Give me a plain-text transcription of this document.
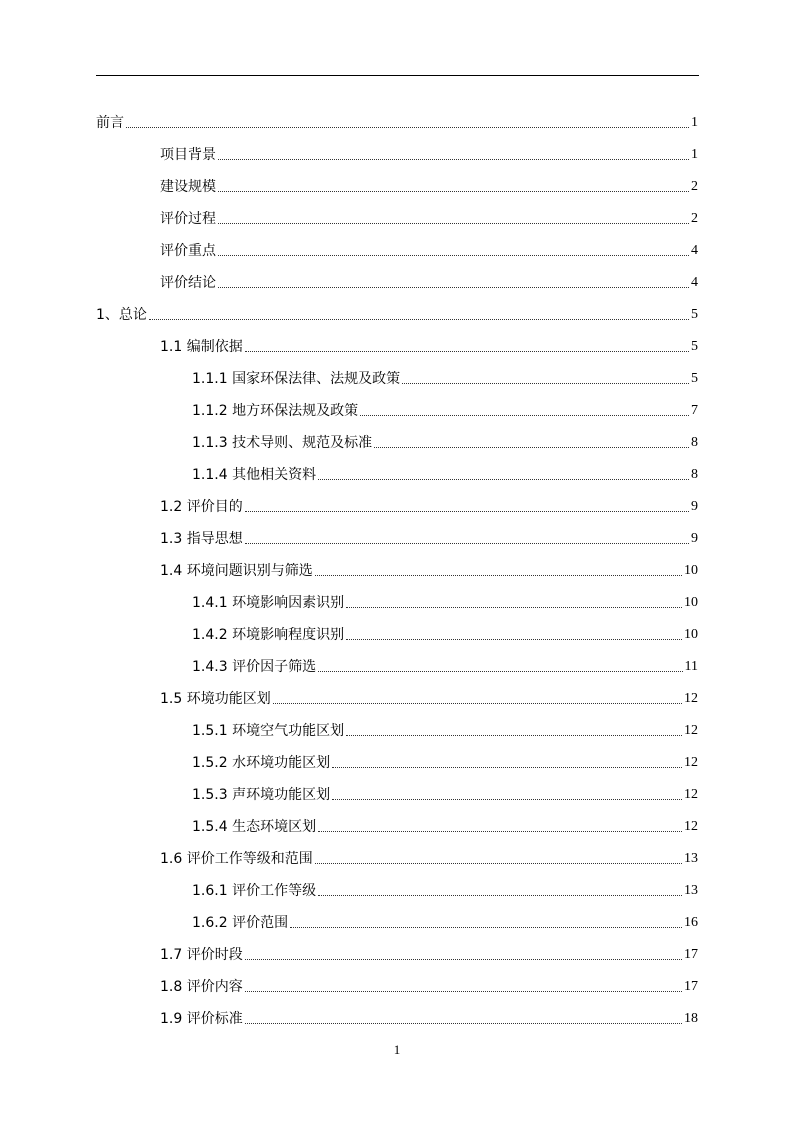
前言	1
项目背景	1
建设规模	2
评价过程	2
评价重点	4
评价结论	4
1、总论	5
1.1 编制依据	5
1.1.1 国家环保法律、法规及政策	5
1.1.2 地方环保法规及政策	7
1.1.3 技术导则、规范及标准	8
1.1.4 其他相关资料	8
1.2 评价目的	9
1.3 指导思想	9
1.4 环境问题识别与筛选	10
1.4.1 环境影响因素识别	10
1.4.2 环境影响程度识别	10
1.4.3 评价因子筛选	11
1.5 环境功能区划	12
1.5.1 环境空气功能区划	12
1.5.2 水环境功能区划	12
1.5.3 声环境功能区划	12
1.5.4 生态环境区划	12
1.6 评价工作等级和范围	13
1.6.1 评价工作等级	13
1.6.2 评价范围	16
1.7 评价时段	17
1.8 评价内容	17
1.9 评价标准	18
1
